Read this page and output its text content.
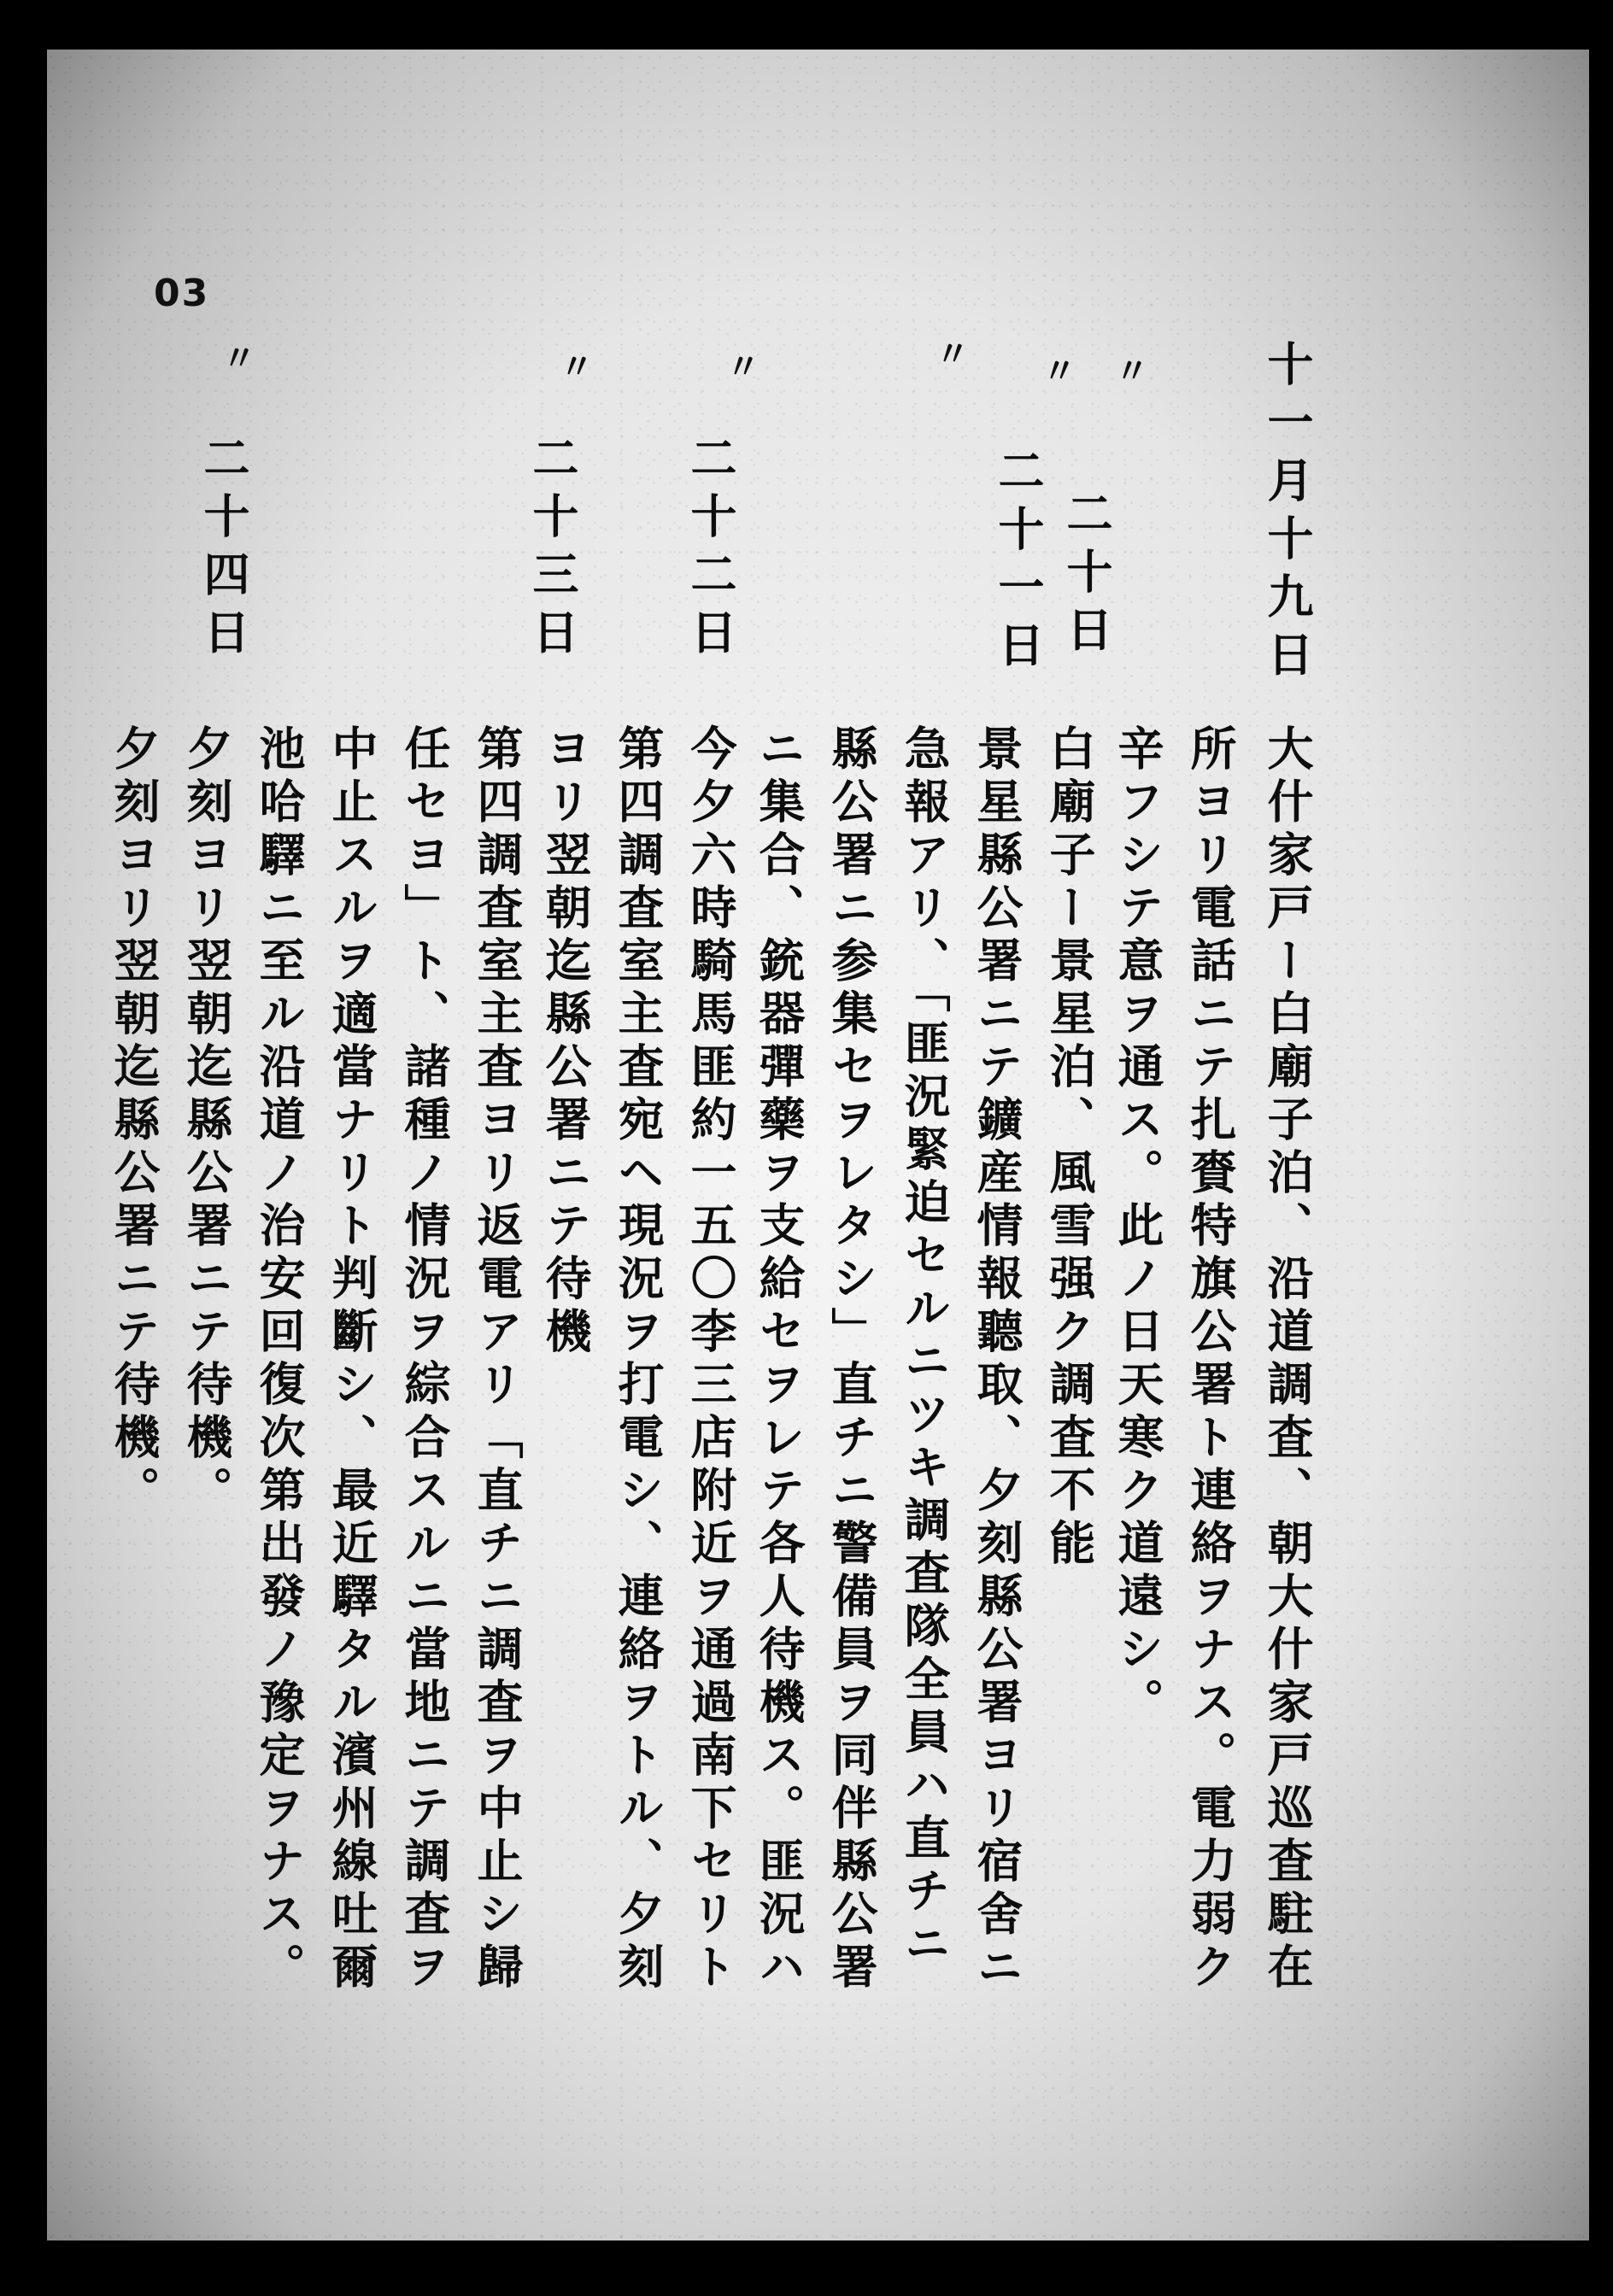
03
〃
〃
〃
〃
〃
〃	十一月十九日
大什家戸ー白廟子泊、沿道調査、朝大什家戸巡査駐在
所ヨリ電話ニテ扎賚特旗公署ト連絡ヲナス。電力弱ク
辛フシテ意ヲ通ス。此ノ日天寒ク道遠シ。
二十日
白廟子ー景星泊、風雪强ク調査不能
二十一日
景星縣公署ニテ鑛産情報聽取、夕刻縣公署ヨリ宿舍ニ
急報アリ、「匪況緊迫セルニツキ調査隊全員ハ直チニ
縣公署ニ参集セヲレタシ」直チニ警備員ヲ同伴縣公署
ニ集合、銃器彈藥ヲ支給セヲレテ各人待機ス。匪況ハ
二十二日
今夕六時騎馬匪約一五〇李三店附近ヲ通過南下セリト
第四調査室主査宛ヘ現況ヲ打電シ、連絡ヲトル、夕刻
ヨリ翌朝迄縣公署ニテ待機
二十三日
第四調査室主査ヨリ返電アリ「直チニ調査ヲ中止シ歸
任セヨ」ト、諸種ノ情況ヲ綜合スルニ當地ニテ調査ヲ
中止スルヲ適當ナリト判斷シ、最近驛タル濱州線吐爾
池哈驛ニ至ル沿道ノ治安回復次第出發ノ豫定ヲナス。
二十四日
夕刻ヨリ翌朝迄縣公署ニテ待機。
夕刻ヨリ翌朝迄縣公署ニテ待機。
